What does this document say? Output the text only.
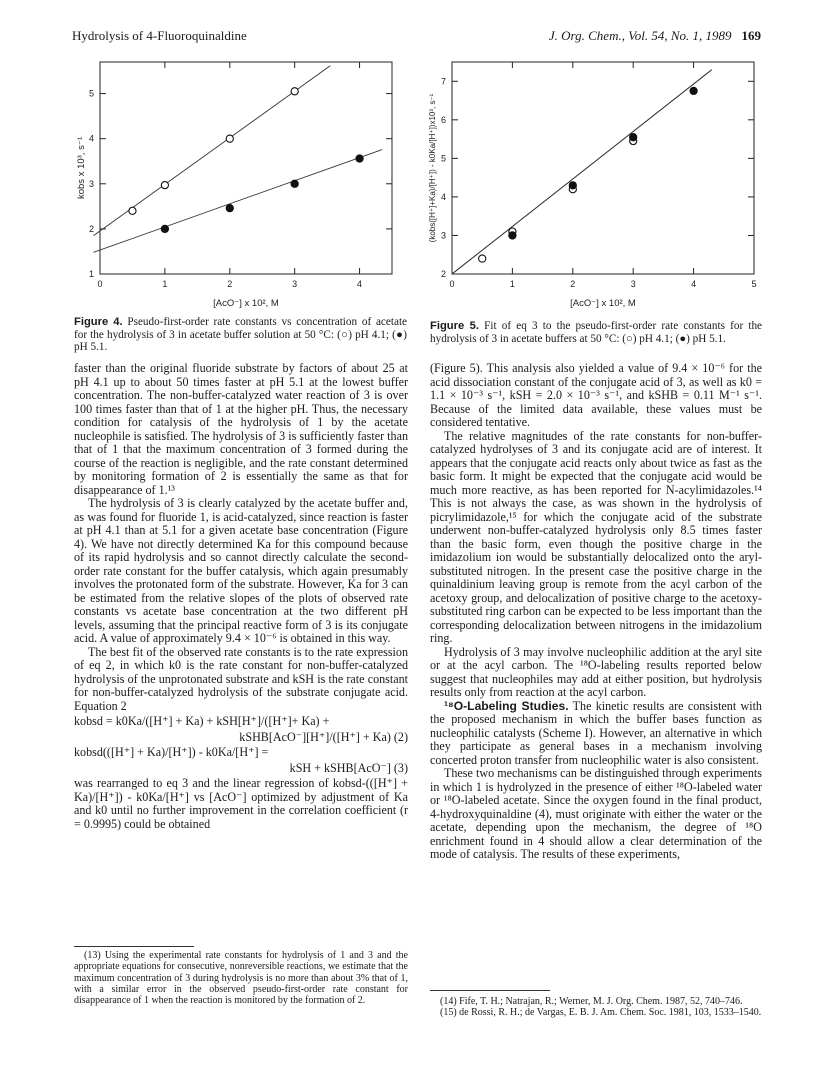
Hydrolysis of 4-Fluoroquinaldine	J. Org. Chem., Vol. 54, No. 1, 1989 169
0	1	2	3	4
1
2
3
4
5
[AcO⁻] x 10², M
kobs x 10³, s⁻¹
Figure 4. Pseudo-first-order rate constants vs concentration of acetate for the hydrolysis of 3 in acetate buffer solution at 50 °C: (○) pH 4.1; (●) pH 5.1.
0	1	2	3	4	5
2
3
4
5
6
7
[AcO⁻] x 10², M
(kobs([H⁺]+Ka)/[H⁺]) - k0Ka/[H⁺])x10³, s⁻¹
Figure 5. Fit of eq 3 to the pseudo-first-order rate constants for the hydrolysis of 3 in acetate buffers at 50 °C: (○) pH 4.1; (●) pH 5.1.

faster than the original fluoride substrate by factors of about 25 at pH 4.1 up to about 50 times faster at pH 5.1 at the lowest buffer concentration. The non-buffer-catalyzed water reaction of 3 is over 100 times faster than that of 1 at the higher pH. Thus, the necessary condition for catalysis of the hydrolysis of 1 by the acetate nucleophile is satisfied. The hydrolysis of 3 is sufficiently faster than that of 1 that the maximum concentration of 3 formed during the course of the reaction is negligible, and the rate constant determined by monitoring formation of 2 is essentially the same as that for disappearance of 1.¹³

The hydrolysis of 3 is clearly catalyzed by the acetate buffer and, as was found for fluoride 1, is acid-catalyzed, since reaction is faster at pH 4.1 than at 5.1 for a given acetate base concentration (Figure 4). We have not directly determined Ka for this compound because of its rapid hydrolysis and so cannot directly calculate the second-order rate constant for the buffer catalysis, which again presumably involves the protonated form of the substrate. However, Ka for 3 can be estimated from the relative slopes of the plots of observed rate constants vs acetate base concentration at the two different pH levels, assuming that the principal reactive form of 3 is its conjugate acid. A value of approximately 9.4 × 10⁻⁶ is obtained in this way.

The best fit of the observed rate constants is to the rate expression of eq 2, in which k0 is the rate constant for non-buffer-catalyzed hydrolysis of the unprotonated substrate and kSH is the rate constant for non-buffer-catalyzed hydrolysis of the substrate conjugate acid. Equation 2

kobsd = k0Ka/([H⁺] + Ka) + kSH[H⁺]/([H⁺]+ Ka) +
kSHB[AcO⁻][H⁺]/([H⁺] + Ka) (2)
kobsd(([H⁺] + Ka)/[H⁺]) - k0Ka/[H⁺] =
kSH + kSHB[AcO⁻] (3)

was rearranged to eq 3 and the linear regression of kobsd-(([H⁺] + Ka)/[H⁺]) - k0Ka/[H⁺] vs [AcO⁻] optimized by adjustment of Ka and k0 until no further improvement in the correlation coefficient (r = 0.9995) could be obtained

(13) Using the experimental rate constants for hydrolysis of 1 and 3 and the appropriate equations for consecutive, nonreversible reactions, we estimate that the maximum concentration of 3 during hydrolysis is no more than about 3% that of 1, with a similar error in the observed pseudo-first-order rate constant for disappearance of 1 when the reaction is monitored by the formation of 2.

(Figure 5). This analysis also yielded a value of 9.4 × 10⁻⁶ for the acid dissociation constant of the conjugate acid of 3, as well as k0 = 1.1 × 10⁻³ s⁻¹, kSH = 2.0 × 10⁻³ s⁻¹, and kSHB = 0.11 M⁻¹ s⁻¹. Because of the limited data available, these values must be considered tentative.

The relative magnitudes of the rate constants for non-buffer-catalyzed hydrolyses of 3 and its conjugate acid are of interest. It appears that the conjugate acid reacts only about twice as fast as the basic form. It might be expected that the conjugate acid would be much more reactive, as has been reported for N-acylimidazoles.¹⁴ This is not always the case, as was shown in the hydrolysis of picrylimidazole,¹⁵ for which the conjugate acid of the substrate underwent non-buffer-catalyzed hydrolysis only 8.5 times faster than the basic form, even though the positive charge in the imidazolium ion would be substantially delocalized onto the aryl-substituted nitrogen. In the present case the positive charge in the quinaldinium leaving group is remote from the acyl carbon of the acetoxy group, and delocalization of positive charge to the acetoxy-substituted ring carbon can be expected to be less important than the corresponding delocalization between nitrogens in the imidazolium ring.

Hydrolysis of 3 may involve nucleophilic addition at the aryl site or at the acyl carbon. The ¹⁸O-labeling results reported below suggest that nucleophiles may add at either position, but hydrolysis results only from reaction at the acyl carbon.

¹⁸O-Labeling Studies. The kinetic results are consistent with the proposed mechanism in which the buffer bases function as nucleophilic catalysts (Scheme I). However, an alternative in which they participate as general bases in a mechanism involving concerted proton transfer from nucleophilic water is also consistent.

These two mechanisms can be distinguished through experiments in which 1 is hydrolyzed in the presence of either ¹⁸O-labeled water or ¹⁸O-labeled acetate. Since the oxygen found in the final product, 4-hydroxyquinaldine (4), must originate with either the water or the acetate, depending upon the mechanism, the degree of ¹⁸O enrichment found in 4 should allow a clear determination of the mode of catalysis. The results of these experiments,

(14) Fife, T. H.; Natrajan, R.; Werner, M. J. Org. Chem. 1987, 52, 740–746.

(15) de Rossi, R. H.; de Vargas, E. B. J. Am. Chem. Soc. 1981, 103, 1533–1540.
